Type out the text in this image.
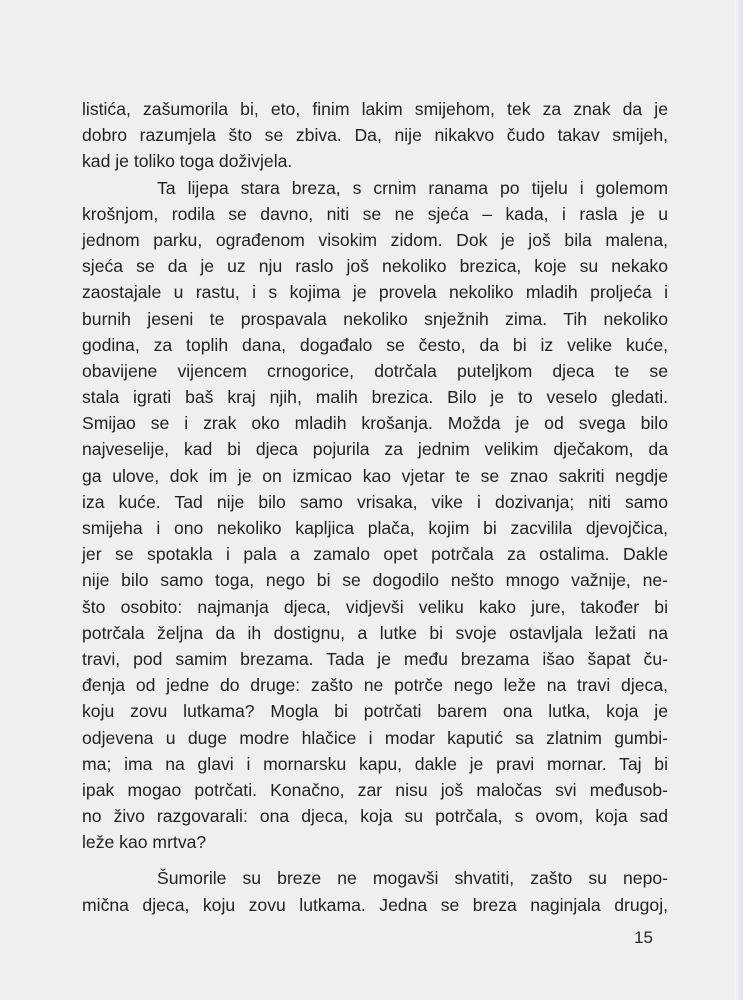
listića, zašumorila bi, eto, finim lakim smijehom, tek za znak da je
dobro razumjela što se zbiva. Da, nije nikakvo čudo takav smijeh,
kad je toliko toga doživjela.
Ta lijepa stara breza, s crnim ranama po tijelu i golemom
krošnjom, rodila se davno, niti se ne sjeća – kada, i rasla je u
jednom parku, ograđenom visokim zidom. Dok je još bila malena,
sjeća se da je uz nju raslo još nekoliko brezica, koje su nekako
zaostajale u rastu, i s kojima je provela nekoliko mladih proljeća i
burnih jeseni te prospavala nekoliko snježnih zima. Tih nekoliko
godina, za toplih dana, događalo se često, da bi iz velike kuće,
obavijene vijencem crnogorice, dotrčala puteljkom djeca te se
stala igrati baš kraj njih, malih brezica. Bilo je to veselo gledati.
Smijao se i zrak oko mladih krošanja. Možda je od svega bilo
najveselije, kad bi djeca pojurila za jednim velikim dječakom, da
ga ulove, dok im je on izmicao kao vjetar te se znao sakriti negdje
iza kuće. Tad nije bilo samo vrisaka, vike i dozivanja; niti samo
smijeha i ono nekoliko kapljica plača, kojim bi zacvilila djevojčica,
jer se spotakla i pala a zamalo opet potrčala za ostalima. Dakle
nije bilo samo toga, nego bi se dogodilo nešto mnogo važnije, ne-
što osobito: najmanja djeca, vidjevši veliku kako jure, također bi
potrčala željna da ih dostignu, a lutke bi svoje ostavljala ležati na
travi, pod samim brezama. Tada je među brezama išao šapat ču-
đenja od jedne do druge: zašto ne potrče nego leže na travi djeca,
koju zovu lutkama? Mogla bi potrčati barem ona lutka, koja je
odjevena u duge modre hlačice i modar kaputić sa zlatnim gumbi-
ma; ima na glavi i mornarsku kapu, dakle je pravi mornar. Taj bi
ipak mogao potrčati. Konačno, zar nisu još maločas svi međusob-
no živo razgovarali: ona djeca, koja su potrčala, s ovom, koja sad
leže kao mrtva?
Šumorile su breze ne mogavši shvatiti, zašto su nepo-
mična djeca, koju zovu lutkama. Jedna se breza naginjala drugoj,
15
